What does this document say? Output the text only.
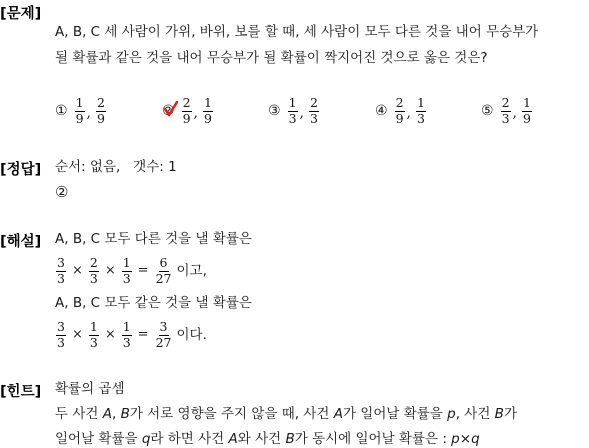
[문제]
A, B, C 세 사람이 가위, 바위, 보를 할 때, 세 사람이 모두 다른 것을 내어 무승부가
될 확률과 같은 것을 내어 무승부가 될 확률이 짝지어진 것으로 옳은 것은?
① $\frac{1}{9}$ , $\frac{2}{9}$	② $\frac{2}{9}$ , $\frac{1}{9}$	③ $\frac{1}{3}$ , $\frac{2}{3}$	④ $\frac{2}{9}$ , $\frac{1}{3}$	⑤ $\frac{2}{3}$ , $\frac{1}{9}$
[정답] 순서: 없음,   갯수: 1
②
[해설] A, B, C 모두 다른 것을 낼 확률은
$\frac{3}{3} \times \frac{2}{3} \times \frac{1}{3} = \frac{6}{27}$ 이고,
A, B, C 모두 같은 것을 낼 확률은
$\frac{3}{3} \times \frac{1}{3} \times \frac{1}{3} = \frac{3}{27}$ 이다.
[힌트] 확률의 곱셈
두 사건 A, B가 서로 영향을 주지 않을 때, 사건 A가 일어날 확률을 p, 사건 B가
일어날 확률을 q라 하면 사건 A와 사건 B가 동시에 일어날 확률은 : p×q
